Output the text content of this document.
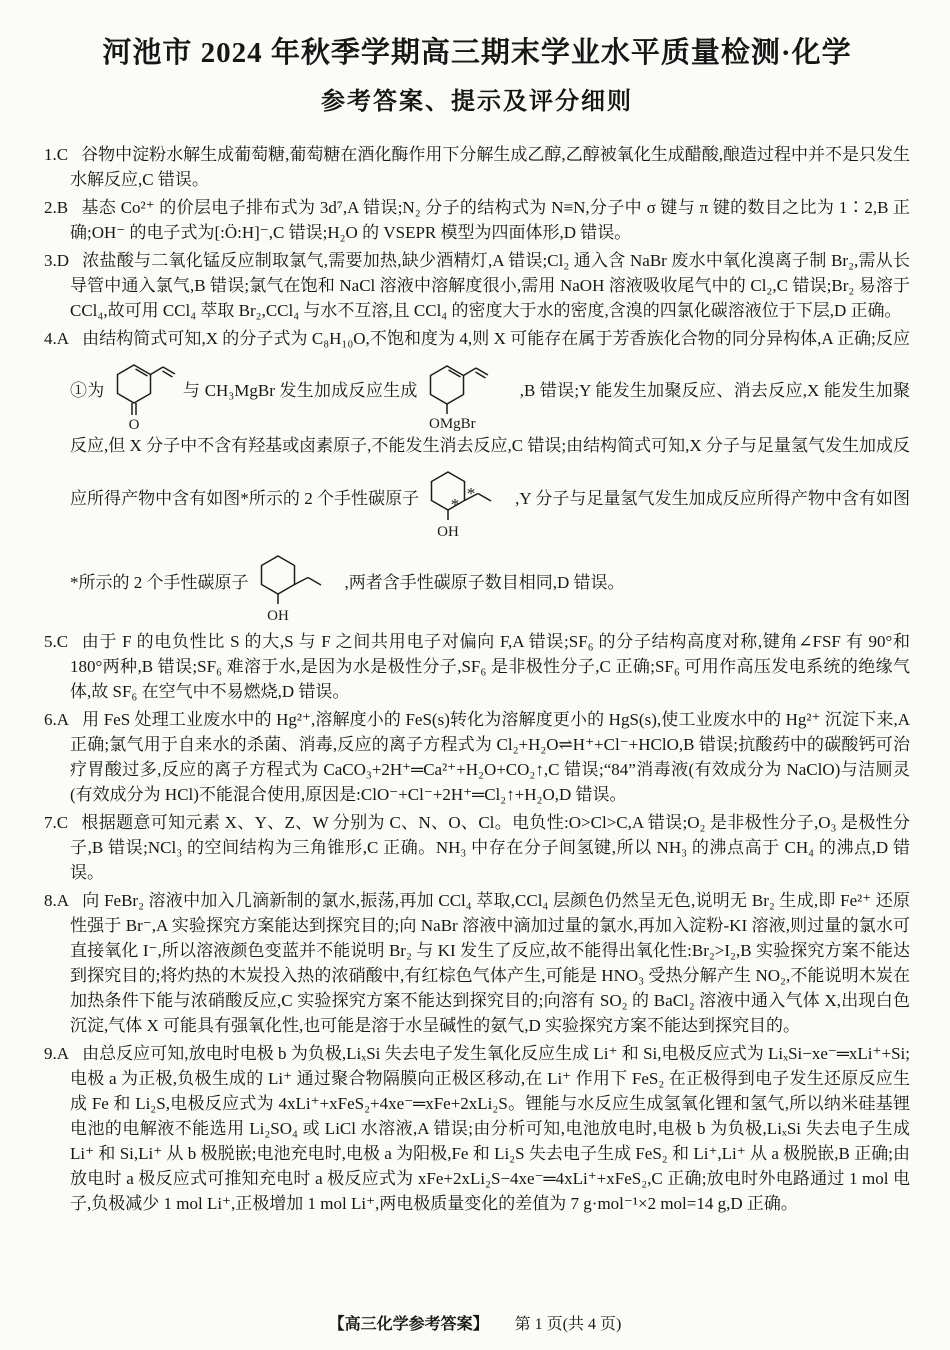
河池市 2024 年秋季学期高三期末学业水平质量检测·化学
参考答案、提示及评分细则

1.C 谷物中淀粉水解生成葡萄糖,葡萄糖在酒化酶作用下分解生成乙醇,乙醇被氧化生成醋酸,酿造过程中并不是只发生水解反应,C 错误。

2.B 基态 Co²⁺ 的价层电子排布式为 3d⁷,A 错误;N₂ 分子的结构式为 N≡N,分子中 σ 键与 π 键的数目之比为 1∶2,B 正确;OH⁻ 的电子式为[:Ö:H]⁻,C 错误;H₂O 的 VSEPR 模型为四面体形,D 错误。

3.D 浓盐酸与二氧化锰反应制取氯气,需要加热,缺少酒精灯,A 错误;Cl₂ 通入含 NaBr 废水中氧化溴离子制 Br₂,需从长导管中通入氯气,B 错误;氯气在饱和 NaCl 溶液中溶解度很小,需用 NaOH 溶液吸收尾气中的 Cl₂,C 错误;Br₂ 易溶于 CCl₄,故可用 CCl₄ 萃取 Br₂,CCl₄ 与水不互溶,且 CCl₄ 的密度大于水的密度,含溴的四氯化碳溶液位于下层,D 正确。

4.A 由结构简式可知,X 的分子式为 C₈H₁₀O,不饱和度为 4,则 X 可能存在属于芳香族化合物的同分异构体,A 正确;反应①为
O
与 CH₃MgBr 发生加成反应生成
OMgBr
,B 错误;Y 能发生加聚反应、消去反应,X 能发生加聚反应,但 X 分子中不含有羟基或卤素原子,不能发生消去反应,C 错误;由结构简式可知,X 分子与足量氢气发生加成反应所得产物中含有如图*所示的 2 个手性碳原子 *
*
OH
,Y 分子与足量氢气发生加成反应所得产物中含有如图*所示的 2 个手性碳原子
OH
,两者含手性碳原子数目相同,D 错误。

5.C 由于 F 的电负性比 S 的大,S 与 F 之间共用电子对偏向 F,A 错误;SF₆ 的分子结构高度对称,键角∠FSF 有 90°和 180°两种,B 错误;SF₆ 难溶于水,是因为水是极性分子,SF₆ 是非极性分子,C 正确;SF₆ 可用作高压发电系统的绝缘气体,故 SF₆ 在空气中不易燃烧,D 错误。

6.A 用 FeS 处理工业废水中的 Hg²⁺,溶解度小的 FeS(s)转化为溶解度更小的 HgS(s),使工业废水中的 Hg²⁺ 沉淀下来,A 正确;氯气用于自来水的杀菌、消毒,反应的离子方程式为 Cl₂+H₂O⇌H⁺+Cl⁻+HClO,B 错误;抗酸药中的碳酸钙可治疗胃酸过多,反应的离子方程式为 CaCO₃+2H⁺═Ca²⁺+H₂O+CO₂↑,C 错误;“84”消毒液(有效成分为 NaClO)与洁厕灵(有效成分为 HCl)不能混合使用,原因是:ClO⁻+Cl⁻+2H⁺═Cl₂↑+H₂O,D 错误。

7.C 根据题意可知元素 X、Y、Z、W 分别为 C、N、O、Cl。电负性:O>Cl>C,A 错误;O₂ 是非极性分子,O₃ 是极性分子,B 错误;NCl₃ 的空间结构为三角锥形,C 正确。NH₃ 中存在分子间氢键,所以 NH₃ 的沸点高于 CH₄ 的沸点,D 错误。

8.A 向 FeBr₂ 溶液中加入几滴新制的氯水,振荡,再加 CCl₄ 萃取,CCl₄ 层颜色仍然呈无色,说明无 Br₂ 生成,即 Fe²⁺ 还原性强于 Br⁻,A 实验探究方案能达到探究目的;向 NaBr 溶液中滴加过量的氯水,再加入淀粉-KI 溶液,则过量的氯水可直接氧化 I⁻,所以溶液颜色变蓝并不能说明 Br₂ 与 KI 发生了反应,故不能得出氧化性:Br₂>I₂,B 实验探究方案不能达到探究目的;将灼热的木炭投入热的浓硝酸中,有红棕色气体产生,可能是 HNO₃ 受热分解产生 NO₂,不能说明木炭在加热条件下能与浓硝酸反应,C 实验探究方案不能达到探究目的;向溶有 SO₂ 的 BaCl₂ 溶液中通入气体 X,出现白色沉淀,气体 X 可能具有强氧化性,也可能是溶于水呈碱性的氨气,D 实验探究方案不能达到探究目的。

9.A 由总反应可知,放电时电极 b 为负极,LiₓSi 失去电子发生氧化反应生成 Li⁺ 和 Si,电极反应式为 LiₓSi−xe⁻═xLi⁺+Si;电极 a 为正极,负极生成的 Li⁺ 通过聚合物隔膜向正极区移动,在 Li⁺ 作用下 FeS₂ 在正极得到电子发生还原反应生成 Fe 和 Li₂S,电极反应式为 4xLi⁺+xFeS₂+4xe⁻═xFe+2xLi₂S。锂能与水反应生成氢氧化锂和氢气,所以纳米硅基锂电池的电解液不能选用 Li₂SO₄ 或 LiCl 水溶液,A 错误;由分析可知,电池放电时,电极 b 为负极,LiₓSi 失去电子生成 Li⁺ 和 Si,Li⁺ 从 b 极脱嵌;电池充电时,电极 a 为阳极,Fe 和 Li₂S 失去电子生成 FeS₂ 和 Li⁺,Li⁺ 从 a 极脱嵌,B 正确;由放电时 a 极反应式可推知充电时 a 极反应式为 xFe+2xLi₂S−4xe⁻═4xLi⁺+xFeS₂,C 正确;放电时外电路通过 1 mol 电子,负极减少 1 mol Li⁺,正极增加 1 mol Li⁺,两电极质量变化的差值为 7 g·mol⁻¹×2 mol=14 g,D 正确。

【高三化学参考答案】 第 1 页(共 4 页)
